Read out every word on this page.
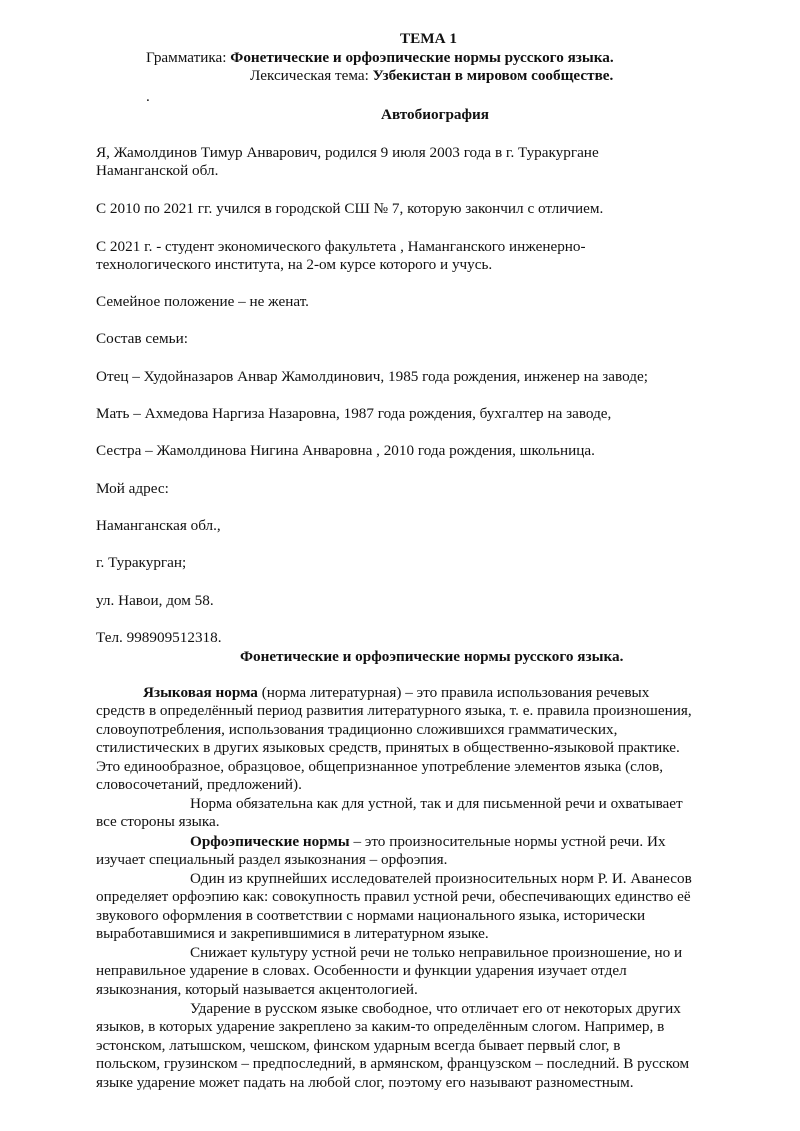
ТЕМА 1
Грамматика: Фонетические и орфоэпические нормы русского языка.
Лексическая тема: Узбекистан в мировом сообществе.
.
Автобиография
Я, Жамолдинов Тимур Анварович, родился 9 июля 2003 года в г. Туракургане
Наманганской обл.
С 2010 по 2021 гг. учился в городской СШ № 7, которую закончил с отличием.
С 2021 г. - студент экономического факультета , Наманганского инженерно-
технологического института, на 2-ом курсе которого и учусь.
Семейное положение – не женат.
Состав семьи:
Отец – Худойназаров Анвар Жамолдинович, 1985 года рождения, инженер на заводе;
Мать – Ахмедова Наргиза Назаровна, 1987 года рождения, бухгалтер на заводе,
Сестра – Жамолдинова Нигина Анваровна , 2010 года рождения, школьница.
Мой адрес:
Наманганская обл.,
г. Туракурган;
ул. Навои, дом 58.
Тел. 998909512318.
Фонетические и орфоэпические нормы русского языка.
Языковая норма (норма литературная) – это правила использования речевых
средств в определённый период развития литературного языка, т. е. правила произношения,
словоупотребления, использования традиционно сложившихся грамматических,
стилистических в других языковых средств, принятых в общественно-языковой практике.
Это единообразное, образцовое, общепризнанное употребление элементов языка (слов,
словосочетаний, предложений).
Норма обязательна как для устной, так и для письменной речи и охватывает
все стороны языка.
Орфоэпические нормы – это произносительные нормы устной речи. Их
изучает специальный раздел языкознания – орфоэпия.
Один из крупнейших исследователей произносительных норм Р. И. Аванесов
определяет орфоэпию как: совокупность правил устной речи, обеспечивающих единство её
звукового оформления в соответствии с нормами национального языка, исторически
выработавшимися и закрепившимися в литературном языке.
Снижает культуру устной речи не только неправильное произношение, но и
неправильное ударение в словах. Особенности и функции ударения изучает отдел
языкознания, который называется акцентологией.
Ударение в русском языке свободное, что отличает его от некоторых других
языков, в которых ударение закреплено за каким-то определённым слогом. Например, в
эстонском, латышском, чешском, финском ударным всегда бывает первый слог, в
польском, грузинском – предпоследний, в армянском, французском – последний. В русском
языке ударение может падать на любой слог, поэтому его называют разноместным.
